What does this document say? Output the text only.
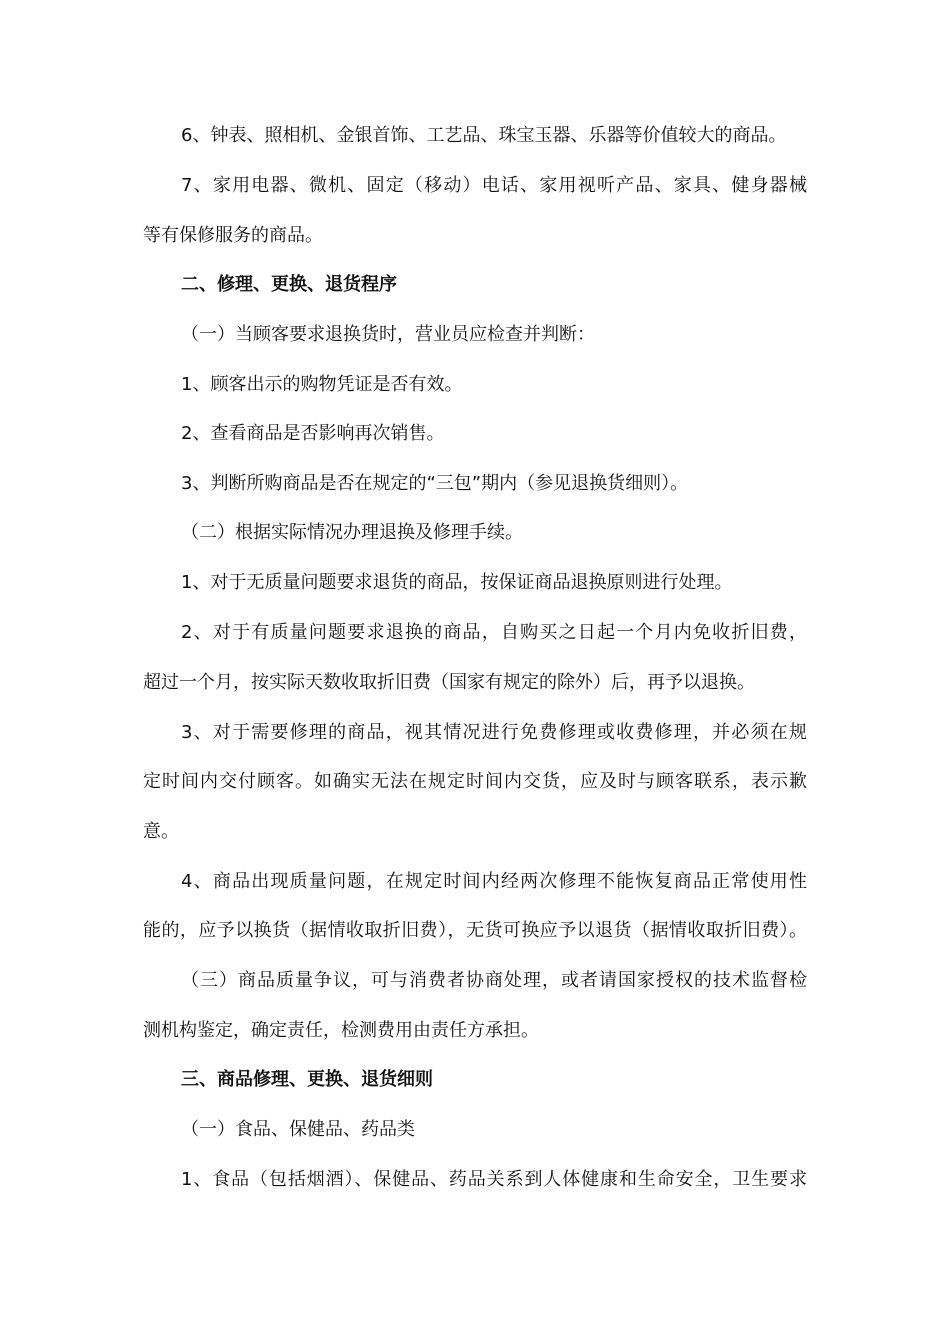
6、钟表、照相机、金银首饰、工艺品、珠宝玉器、乐器等价值较大的商品。
7、家用电器、微机、固定（移动）电话、家用视听产品、家具、健身器械
等有保修服务的商品。
二、修理、更换、退货程序
（一）当顾客要求退换货时，营业员应检查并判断：
1、顾客出示的购物凭证是否有效。
2、查看商品是否影响再次销售。
3、判断所购商品是否在规定的“三包”期内（参见退换货细则）。
（二）根据实际情况办理退换及修理手续。
1、对于无质量问题要求退货的商品，按保证商品退换原则进行处理。
2、对于有质量问题要求退换的商品，自购买之日起一个月内免收折旧费，
超过一个月，按实际天数收取折旧费（国家有规定的除外）后，再予以退换。
3、对于需要修理的商品，视其情况进行免费修理或收费修理，并必须在规
定时间内交付顾客。如确实无法在规定时间内交货，应及时与顾客联系，表示歉
意。
4、商品出现质量问题，在规定时间内经两次修理不能恢复商品正常使用性
能的，应予以换货（据情收取折旧费），无货可换应予以退货（据情收取折旧费）。
（三）商品质量争议，可与消费者协商处理，或者请国家授权的技术监督检
测机构鉴定，确定责任，检测费用由责任方承担。
三、商品修理、更换、退货细则
（一）食品、保健品、药品类
1、食品（包括烟酒）、保健品、药品关系到人体健康和生命安全，卫生要求
